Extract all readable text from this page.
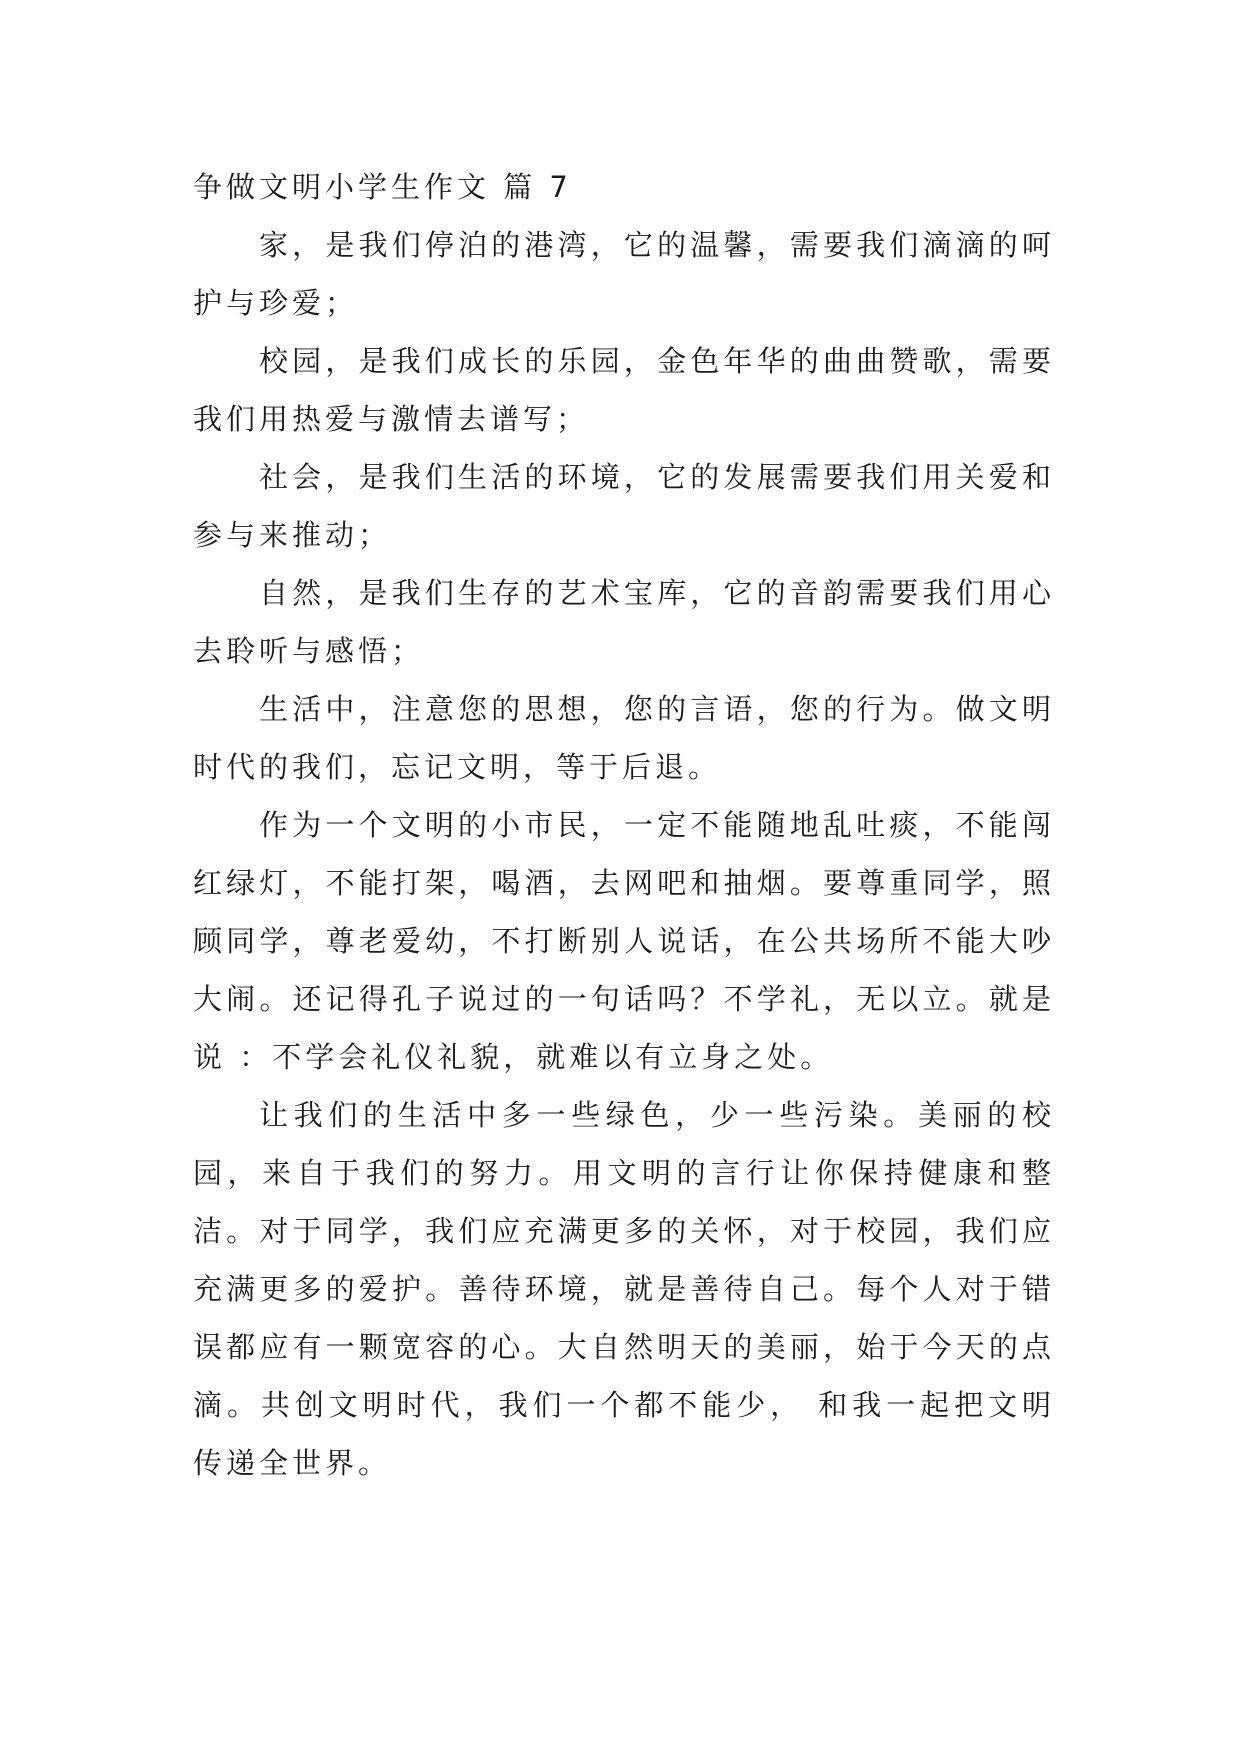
争做文明小学生作文 篇 7

家，是我们停泊的港湾，它的温馨，需要我们滴滴的呵护与珍爱；

校园，是我们成长的乐园，金色年华的曲曲赞歌，需要我们用热爱与激情去谱写；

社会，是我们生活的环境，它的发展需要我们用关爱和参与来推动；

自然，是我们生存的艺术宝库，它的音韵需要我们用心去聆听与感悟；

生活中，注意您的思想，您的言语，您的行为。做文明时代的我们，忘记文明，等于后退。

作为一个文明的小市民，一定不能随地乱吐痰，不能闯红绿灯，不能打架，喝酒，去网吧和抽烟。要尊重同学，照顾同学，尊老爱幼，不打断别人说话，在公共场所不能大吵大闹。还记得孔子说过的一句话吗？不学礼，无以立。就是说 ：不学会礼仪礼貌，就难以有立身之处。

让我们的生活中多一些绿色，少一些污染。美丽的校园，来自于我们的努力。用文明的言行让你保持健康和整洁。对于同学，我们应充满更多的关怀，对于校园，我们应充满更多的爱护。善待环境，就是善待自己。每个人对于错误都应有一颗宽容的心。大自然明天的美丽，始于今天的点滴。共创文明时代，我们一个都不能少， 和我一起把文明传递全世界。
